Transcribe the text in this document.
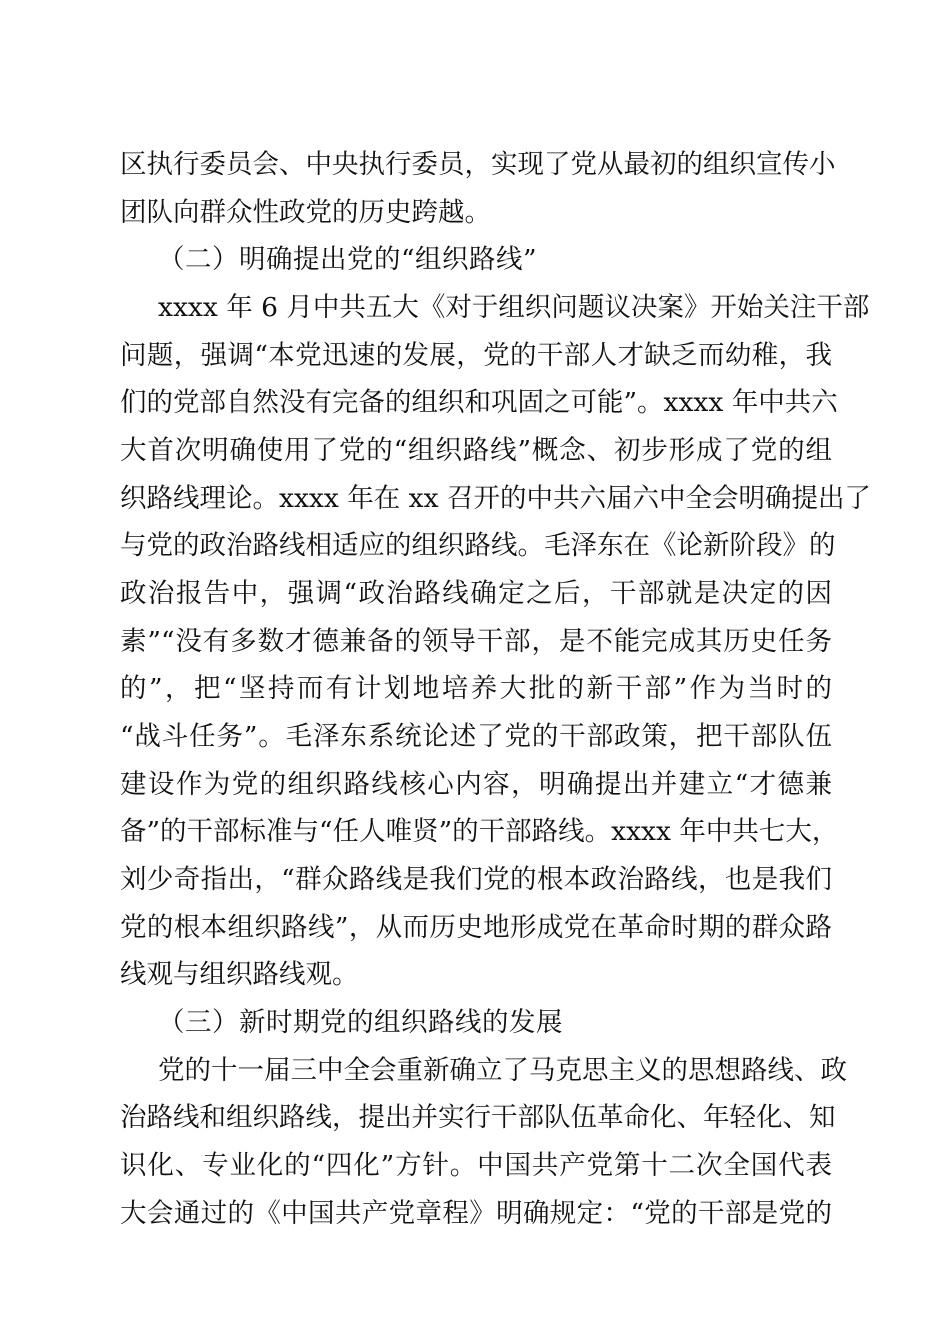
区执行委员会、中央执行委员，实现了党从最初的组织宣传小
团队向群众性政党的历史跨越。
（二）明确提出党的“组织路线”
xxxx 年 6 月中共五大《对于组织问题议决案》开始关注干部
问题，强调“本党迅速的发展，党的干部人才缺乏而幼稚，我
们的党部自然没有完备的组织和巩固之可能”。xxxx 年中共六
大首次明确使用了党的“组织路线”概念、初步形成了党的组
织路线理论。xxxx 年在 xx 召开的中共六届六中全会明确提出了
与党的政治路线相适应的组织路线。毛泽东在《论新阶段》的
政治报告中，强调“政治路线确定之后，干部就是决定的因
素”“没有多数才德兼备的领导干部，是不能完成其历史任务
的”，把“坚持而有计划地培养大批的新干部”作为当时的
“战斗任务”。毛泽东系统论述了党的干部政策，把干部队伍
建设作为党的组织路线核心内容，明确提出并建立“才德兼
备”的干部标准与“任人唯贤”的干部路线。xxxx 年中共七大，
刘少奇指出，“群众路线是我们党的根本政治路线，也是我们
党的根本组织路线”，从而历史地形成党在革命时期的群众路
线观与组织路线观。
（三）新时期党的组织路线的发展
党的十一届三中全会重新确立了马克思主义的思想路线、政
治路线和组织路线，提出并实行干部队伍革命化、年轻化、知
识化、专业化的“四化”方针。中国共产党第十二次全国代表
大会通过的《中国共产党章程》明确规定：“党的干部是党的
